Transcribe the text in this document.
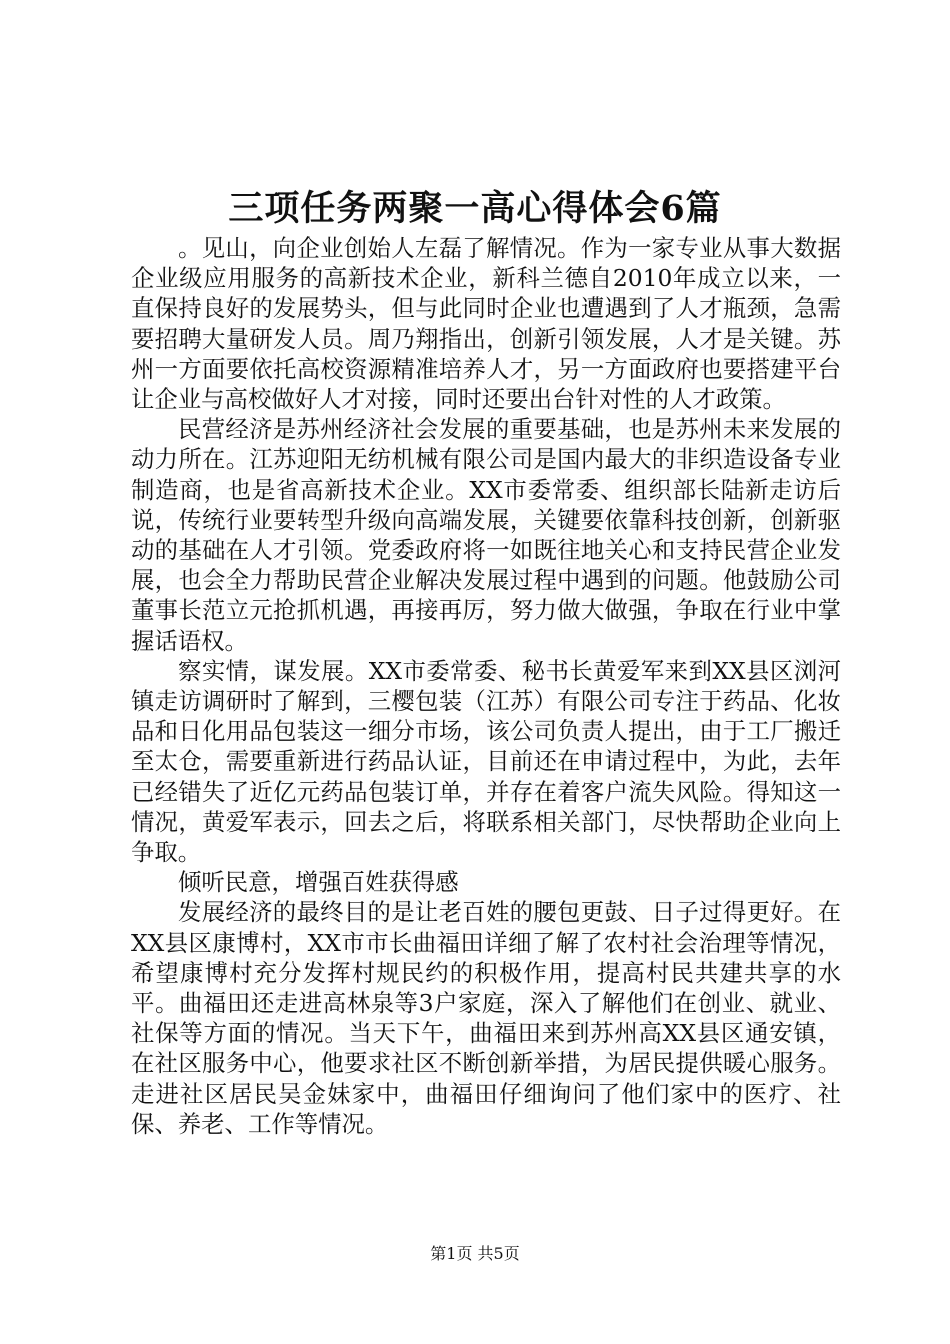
三项任务两聚一高心得体会6篇

。见山，向企业创始人左磊了解情况。作为一家专业从事大数据企业级应用服务的高新技术企业，新科兰德自2010年成立以来，一直保持良好的发展势头，但与此同时企业也遭遇到了人才瓶颈，急需要招聘大量研发人员。周乃翔指出，创新引领发展，人才是关键。苏州一方面要依托高校资源精准培养人才，另一方面政府也要搭建平台让企业与高校做好人才对接，同时还要出台针对性的人才政策。

民营经济是苏州经济社会发展的重要基础，也是苏州未来发展的动力所在。江苏迎阳无纺机械有限公司是国内最大的非织造设备专业制造商，也是省高新技术企业。XX市委常委、组织部长陆新走访后说，传统行业要转型升级向高端发展，关键要依靠科技创新，创新驱动的基础在人才引领。党委政府将一如既往地关心和支持民营企业发展，也会全力帮助民营企业解决发展过程中遇到的问题。他鼓励公司董事长范立元抢抓机遇，再接再厉，努力做大做强，争取在行业中掌握话语权。

察实情，谋发展。XX市委常委、秘书长黄爱军来到XX县区浏河镇走访调研时了解到，三樱包装（江苏）有限公司专注于药品、化妆品和日化用品包装这一细分市场，该公司负责人提出，由于工厂搬迁至太仓，需要重新进行药品认证，目前还在申请过程中，为此，去年已经错失了近亿元药品包装订单，并存在着客户流失风险。得知这一情况，黄爱军表示，回去之后，将联系相关部门，尽快帮助企业向上争取。

倾听民意，增强百姓获得感

发展经济的最终目的是让老百姓的腰包更鼓、日子过得更好。在XX县区康博村，XX市市长曲福田详细了解了农村社会治理等情况，希望康博村充分发挥村规民约的积极作用，提高村民共建共享的水平。曲福田还走进高林泉等3户家庭，深入了解他们在创业、就业、社保等方面的情况。当天下午，曲福田来到苏州高XX县区通安镇，在社区服务中心，他要求社区不断创新举措，为居民提供暖心服务。走进社区居民吴金妹家中，曲福田仔细询问了他们家中的医疗、社保、养老、工作等情况。

第1页 共5页
